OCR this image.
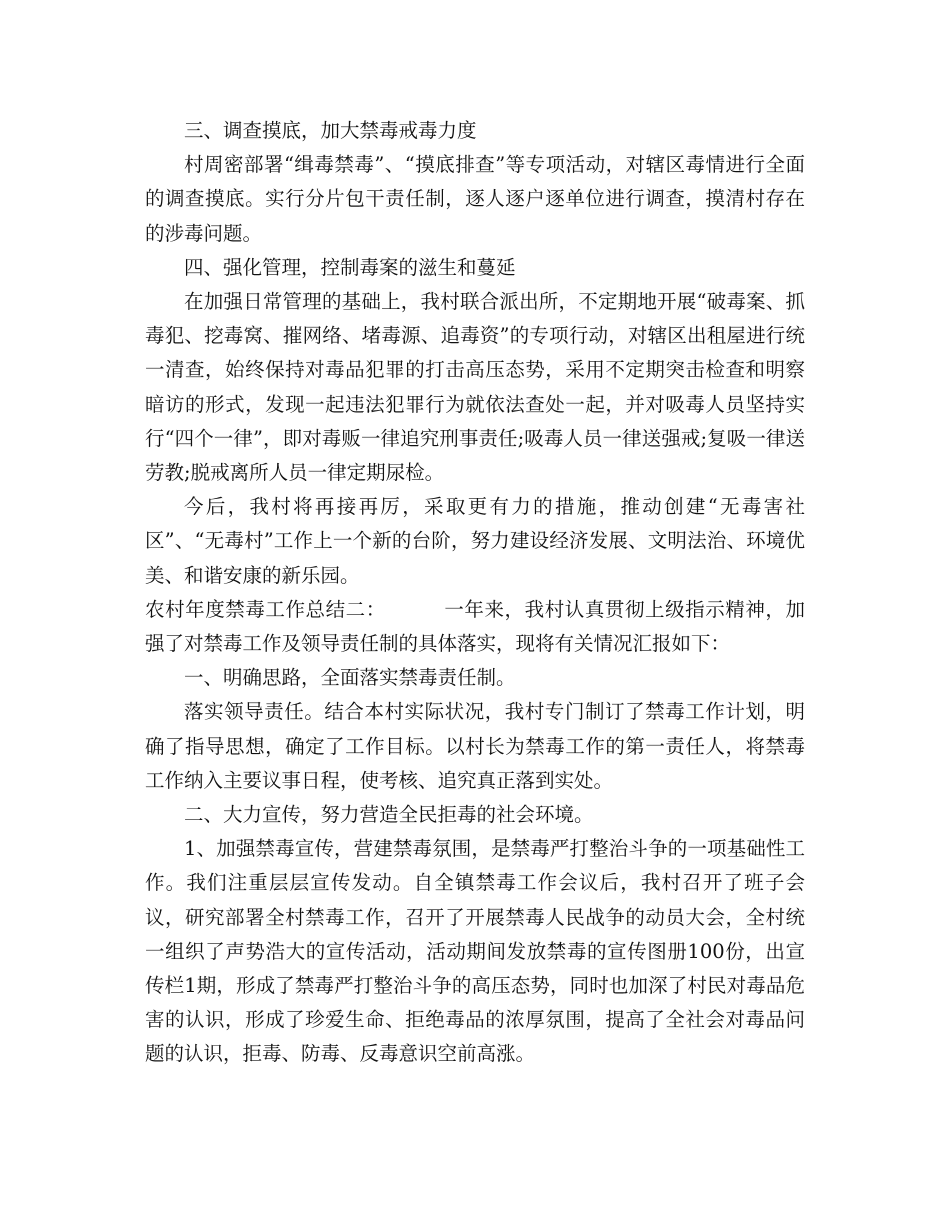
三、调查摸底，加大禁毒戒毒力度

村周密部署“缉毒禁毒”、“摸底排查”等专项活动，对辖区毒情进行全面的调查摸底。实行分片包干责任制，逐人逐户逐单位进行调查，摸清村存在的涉毒问题。

四、强化管理，控制毒案的滋生和蔓延

在加强日常管理的基础上，我村联合派出所，不定期地开展“破毒案、抓毒犯、挖毒窝、摧网络、堵毒源、追毒资”的专项行动，对辖区出租屋进行统一清查，始终保持对毒品犯罪的打击高压态势，采用不定期突击检查和明察暗访的形式，发现一起违法犯罪行为就依法查处一起，并对吸毒人员坚持实行“四个一律”，即对毒贩一律追究刑事责任;吸毒人员一律送强戒;复吸一律送劳教;脱戒离所人员一律定期尿检。

今后，我村将再接再厉，采取更有力的措施，推动创建“无毒害社区”、“无毒村”工作上一个新的台阶，努力建设经济发展、文明法治、环境优美、和谐安康的新乐园。

农村年度禁毒工作总结二：	一年来，我村认真贯彻上级指示精神，加强了对禁毒工作及领导责任制的具体落实，现将有关情况汇报如下：

一、明确思路，全面落实禁毒责任制。

落实领导责任。结合本村实际状况，我村专门制订了禁毒工作计划，明确了指导思想，确定了工作目标。以村长为禁毒工作的第一责任人，将禁毒工作纳入主要议事日程，使考核、追究真正落到实处。

二、大力宣传，努力营造全民拒毒的社会环境。

1、加强禁毒宣传，营建禁毒氛围，是禁毒严打整治斗争的一项基础性工作。我们注重层层宣传发动。自全镇禁毒工作会议后，我村召开了班子会议，研究部署全村禁毒工作，召开了开展禁毒人民战争的动员大会，全村统一组织了声势浩大的宣传活动，活动期间发放禁毒的宣传图册100份，出宣传栏1期，形成了禁毒严打整治斗争的高压态势，同时也加深了村民对毒品危害的认识，形成了珍爱生命、拒绝毒品的浓厚氛围，提高了全社会对毒品问题的认识，拒毒、防毒、反毒意识空前高涨。
